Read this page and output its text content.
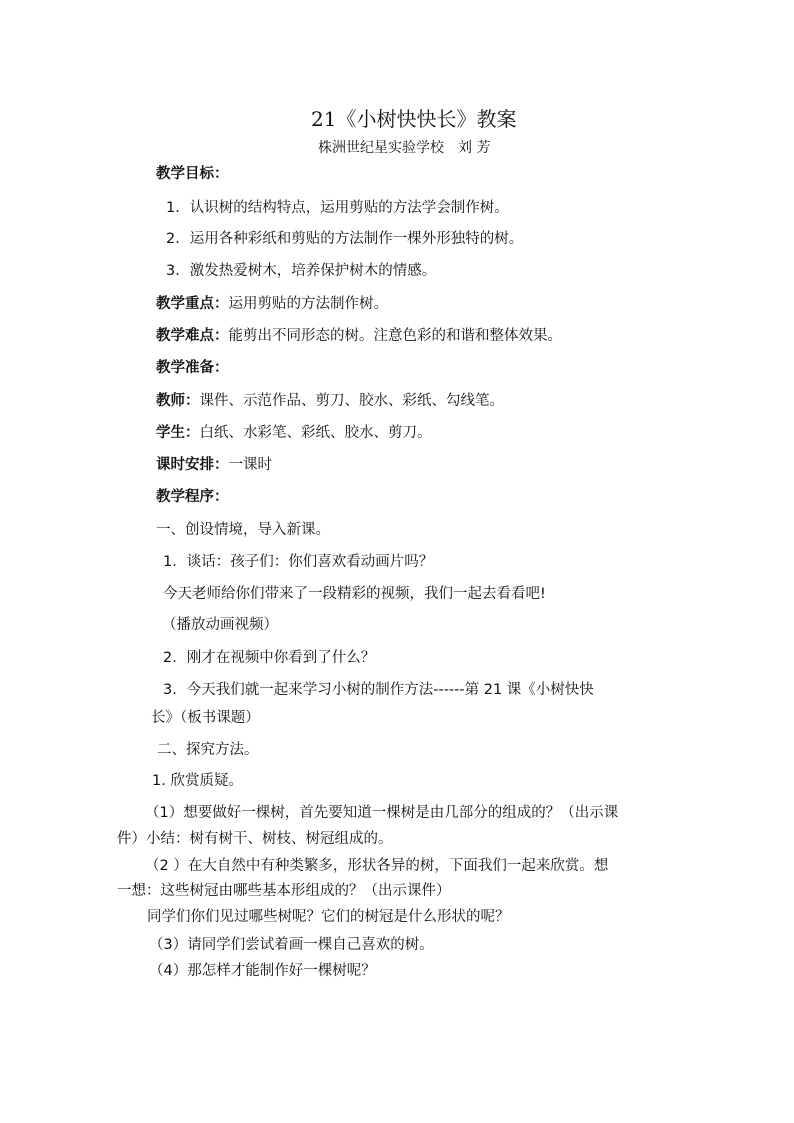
21《小树快快长》教案
株洲世纪星实验学校　刘 芳
教学目标：
1．认识树的结构特点，运用剪贴的方法学会制作树。
2．运用各种彩纸和剪贴的方法制作一棵外形独特的树。
3．激发热爱树木，培养保护树木的情感。
教学重点：运用剪贴的方法制作树。
教学难点：能剪出不同形态的树。注意色彩的和谐和整体效果。
教学准备：
教师：课件、示范作品、剪刀、胶水、彩纸、勾线笔。
学生：白纸、水彩笔、彩纸、胶水、剪刀。
课时安排：一课时
教学程序：
一、创设情境，导入新课。
1．谈话：孩子们：你们喜欢看动画片吗？
今天老师给你们带来了一段精彩的视频，我们一起去看看吧!
（播放动画视频）
2．刚才在视频中你看到了什么？
3．今天我们就一起来学习小树的制作方法------第 21 课《小树快快
长》（板书课题）
二、探究方法。
1. 欣赏质疑。
（1）想要做好一棵树，首先要知道一棵树是由几部分的组成的？（出示课
件）小结：树有树干、树枝、树冠组成的。
（2 ）在大自然中有种类繁多，形状各异的树，下面我们一起来欣赏。想
一想：这些树冠由哪些基本形组成的？（出示课件）
同学们你们见过哪些树呢？它们的树冠是什么形状的呢？
（3）请同学们尝试着画一棵自己喜欢的树。
（4）那怎样才能制作好一棵树呢？
